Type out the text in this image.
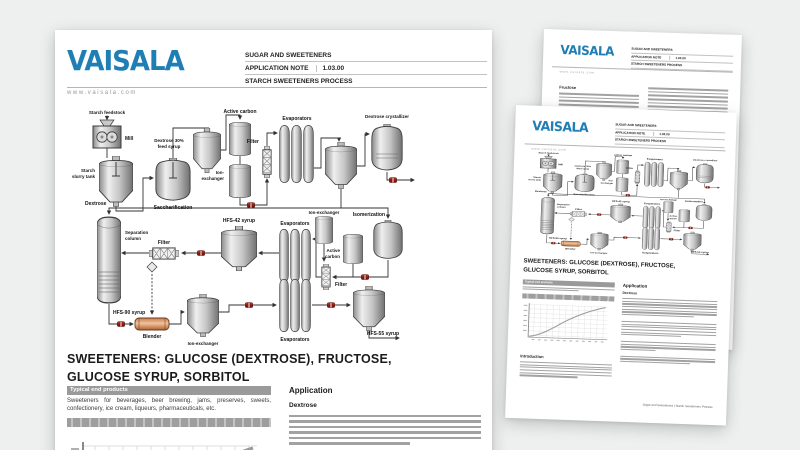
VAISALA	SUGAR AND SWEETENERS
APPLICATION NOTE	1.03.00
STARCH SWEETENERS PROCESS
www.vaisala.com
Fructose
VAISALA	SUGAR AND SWEETENERS
APPLICATION NOTE	1.03.00
STARCH SWEETENERS PROCESS
www.vaisala.com
SWEETENERS: GLUCOSE (DEXTROSE), FRUCTOSE,
GLUCOSE SYRUP, SORBITOL
Typical end products
Introduction
Application
Dextrose
Sugar and Sweeteners | Starch Sweeteners Process
VAISALA	SUGAR AND SWEETENERS
APPLICATION NOTE	1.03.00
STARCH SWEETENERS PROCESS
www.vaisala.com
SWEETENERS: GLUCOSE (DEXTROSE), FRUCTOSE,
GLUCOSE SYRUP, SORBITOL
Typical end products
Sweeteners for beverages, beer brewing, jams, preserves, sweets, confectionery, ice cream, liqueurs, pharmaceuticals, etc.
Application
Dextrose
